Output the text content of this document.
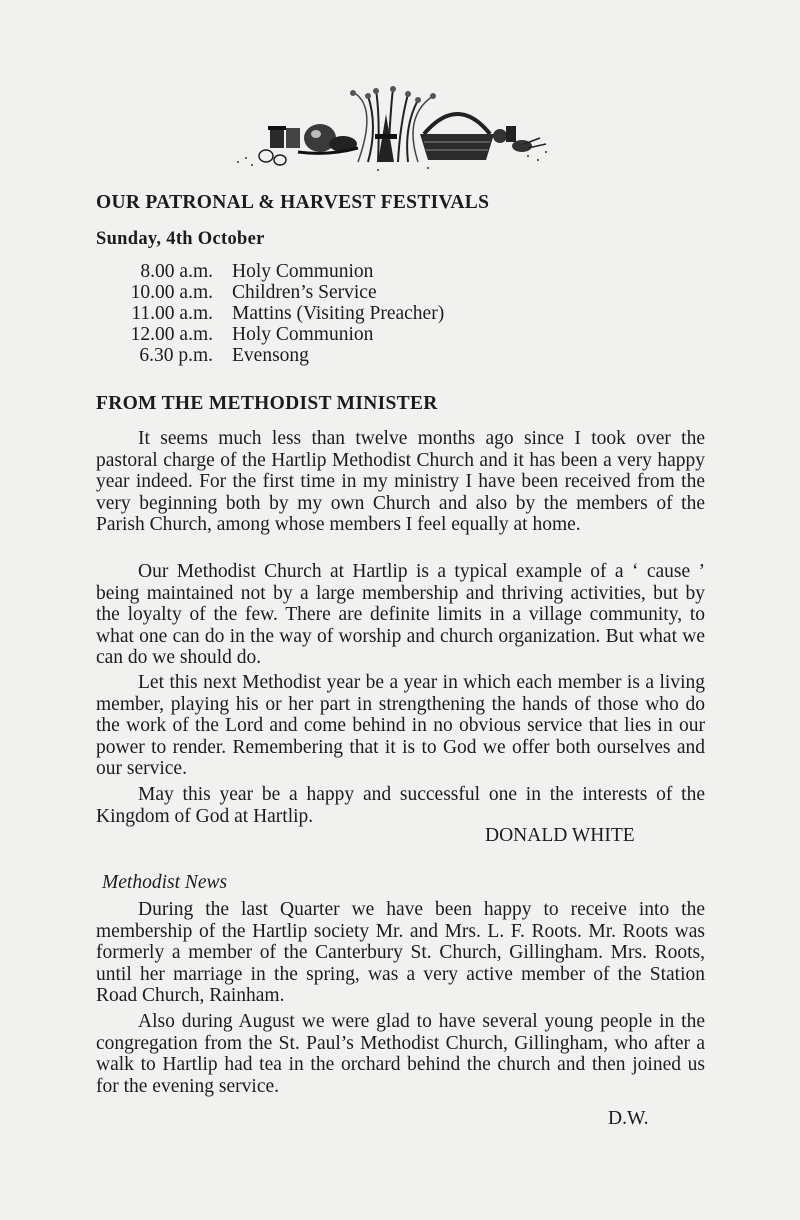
OUR PATRONAL & HARVEST FESTIVALS
Sunday, 4th October
8.00 a.m. Holy Communion
10.00 a.m. Children’s Service
11.00 a.m. Mattins (Visiting Preacher)
12.00 a.m. Holy Communion
6.30 p.m. Evensong
FROM THE METHODIST MINISTER

It seems much less than twelve months ago since I took over the pastoral charge of the Hartlip Methodist Church and it has been a very happy year indeed. For the first time in my ministry I have been received from the very beginning both by my own Church and also by the members of the Parish Church, among whose members I feel equally at home.

Our Methodist Church at Hartlip is a typical example of a ‘ cause ’ being maintained not by a large membership and thriving activities, but by the loyalty of the few. There are definite limits in a village community, to what one can do in the way of worship and church organization. But what we can do we should do.

Let this next Methodist year be a year in which each member is a living member, playing his or her part in strengthening the hands of those who do the work of the Lord and come behind in no obvious service that lies in our power to render. Remembering that it is to God we offer both ourselves and our service.

May this year be a happy and successful one in the interests of the Kingdom of God at Hartlip.

DONALD WHITE
Methodist News

During the last Quarter we have been happy to receive into the membership of the Hartlip society Mr. and Mrs. L. F. Roots. Mr. Roots was formerly a member of the Canterbury St. Church, Gillingham. Mrs. Roots, until her marriage in the spring, was a very active member of the Station Road Church, Rainham.

Also during August we were glad to have several young people in the congregation from the St. Paul’s Methodist Church, Gillingham, who after a walk to Hartlip had tea in the orchard behind the church and then joined us for the evening service.

D.W.
